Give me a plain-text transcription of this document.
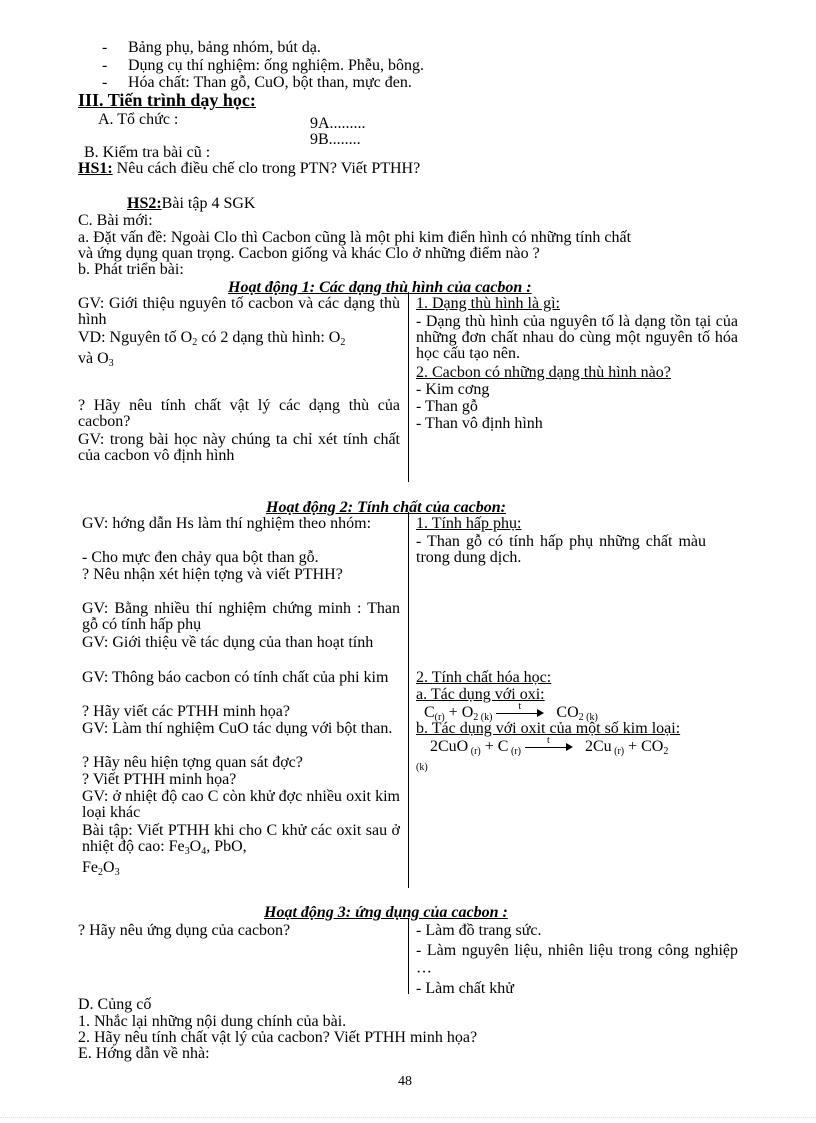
- Bảng phụ, bảng nhóm, bút dạ.
- Dụng cụ thí nghiệm: ống nghiệm. Phễu, bông.
- Hóa chất: Than gỗ, CuO, bột than, mực đen.
III. Tiến trình dạy học:
A. Tổ chức :	9A.........
9B........
B. Kiểm tra bài cũ :
HS1: Nêu cách điều chế clo trong PTN? Viết PTHH?
HS2:Bài tập 4 SGK
C. Bài mới:
a. Đặt vấn đề: Ngoài Clo thì Cacbon cũng là một phi kim điển hình có những tính chất
và ứng dụng quan trọng. Cacbon giống và khác Clo ở những điểm nào ?
b. Phát triển bài:
Hoạt động 1: Các dạng thù hình của cacbon :
GV: Giới thiệu nguyên tố cacbon và các dạng thù hình
VD: Nguyên tố $O_2$ có 2 dạng thù hình: $O_2$
và $O_3$
? Hãy nêu tính chất vật lý các dạng thù của cacbon?
GV: trong bài học này chúng ta chỉ xét tính chất của cacbon vô định hình
1. Dạng thù hình là gì:
- Dạng thù hình của nguyên tố là dạng tồn tại của những đơn chất nhau do cùng một nguyên tố hóa học cấu tạo nên.
2. Cacbon có những dạng thù hình nào?
- Kim cơng
- Than gỗ
- Than vô định hình
Hoạt động 2: Tính chất của cacbon:
GV: hớng dẫn Hs làm thí nghiệm theo nhóm:
- Cho mực đen chảy qua bột than gỗ.
? Nêu nhận xét hiện tợng và viết PTHH?
GV: Bằng nhiều thí nghiệm chứng minh : Than gỗ có tính hấp phụ
GV: Giới thiệu về tác dụng của than hoạt tính
GV: Thông báo cacbon có tính chất của phi kim
? Hãy viết các PTHH minh họa?
GV: Làm thí nghiệm CuO tác dụng với bột than.
? Hãy nêu hiện tợng quan sát đợc?
? Viết PTHH minh họa?
GV: ở nhiệt độ cao C còn khử đợc nhiều oxit kim loại khác
Bài tập: Viết PTHH khi cho C khử các oxit sau ở nhiệt độ cao: $Fe_3O_4$, PbO,
$Fe_2O_3$
1. Tính hấp phụ:
- Than gỗ có tính hấp phụ những chất màu trong dung dịch.
2. Tính chất hóa học:
a. Tác dụng với oxi:
$C_{(r)} + O_2$ $_{(k)}$
t $CO_2$ $_{(k)}$
b. Tác dụng với oxit của một số kim loại:
2CuO $_{(r)}$ + C $_{(r)}$
t 2Cu $_{(r)} + CO_2$
(k)
Hoạt động 3: ứng dụng của cacbon :
? Hãy nêu ứng dụng của cacbon?	- Làm đồ trang sức.
- Làm nguyên liệu, nhiên liệu trong công nghiệp ···
- Làm chất khử
D. Củng cố
1. Nhắc lại những nội dung chính của bài.
2. Hãy nêu tính chất vật lý của cacbon? Viết PTHH minh họa?
E. Hớng dẫn về nhà:
48
